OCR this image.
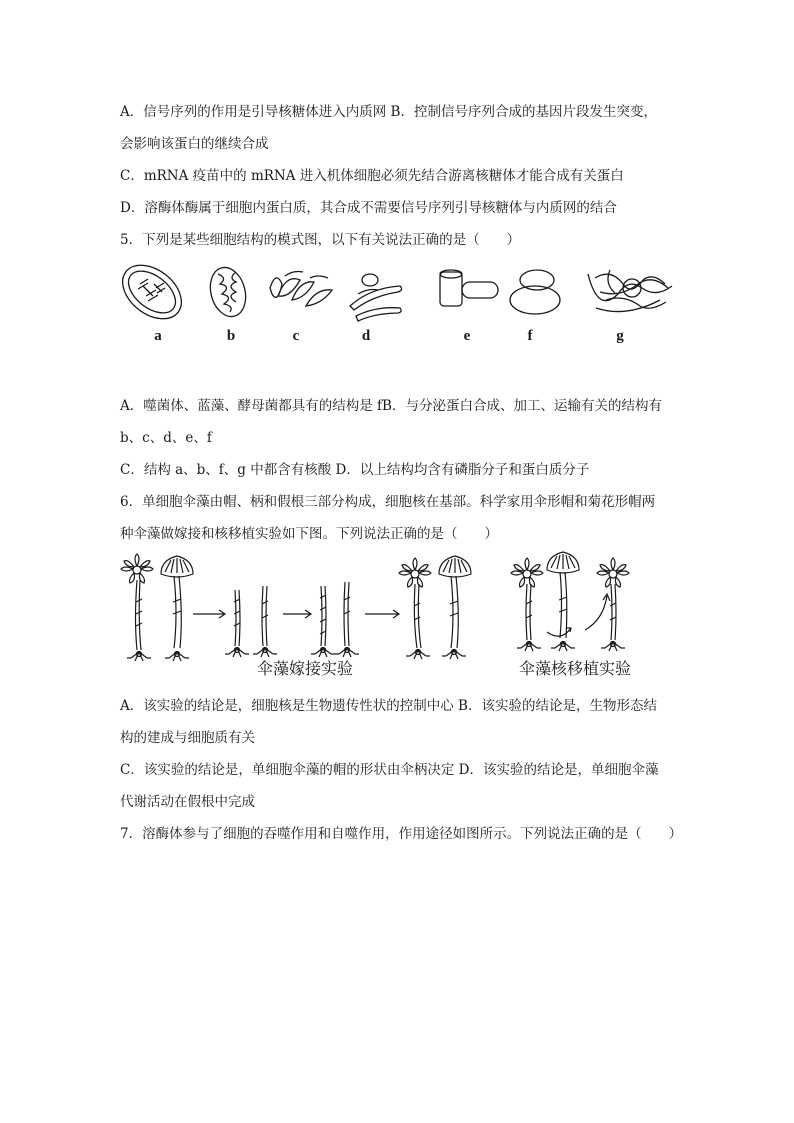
A．信号序列的作用是引导核糖体进入内质网 B．控制信号序列合成的基因片段发生突变，
会影响该蛋白的继续合成
C．mRNA 疫苗中的 mRNA 进入机体细胞必须先结合游离核糖体才能合成有关蛋白
D．溶酶体酶属于细胞内蛋白质，其合成不需要信号序列引导核糖体与内质网的结合
5．下列是某些细胞结构的模式图，以下有关说法正确的是（　　）
a	b	c	d	e	f	g
A．噬菌体、蓝藻、酵母菌都具有的结构是 fB．与分泌蛋白合成、加工、运输有关的结构有
b、c、d、e、f
C．结构 a、b、f、g 中都含有核酸 D．以上结构均含有磷脂分子和蛋白质分子
6．单细胞伞藻由帽、柄和假根三部分构成，细胞核在基部。科学家用伞形帽和菊花形帽两
种伞藻做嫁接和核移植实验如下图。下列说法正确的是（　　）
伞藻嫁接实验	伞藻核移植实验
A．该实验的结论是，细胞核是生物遗传性状的控制中心 B．该实验的结论是，生物形态结
构的建成与细胞质有关
C．该实验的结论是，单细胞伞藻的帽的形状由伞柄决定 D．该实验的结论是，单细胞伞藻
代谢活动在假根中完成
7．溶酶体参与了细胞的吞噬作用和自噬作用，作用途径如图所示。下列说法正确的是（　　）
